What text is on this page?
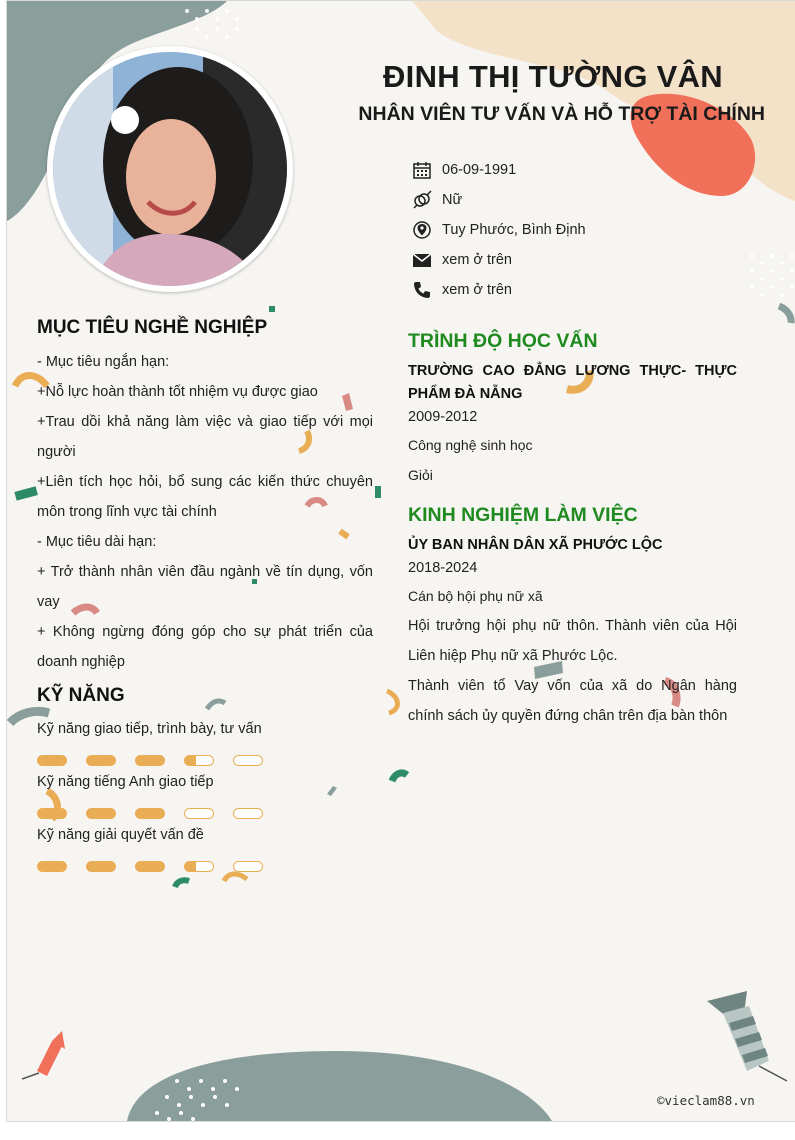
ĐINH THỊ TƯỜNG VÂN
NHÂN VIÊN TƯ VẤN VÀ HỖ TRỢ TÀI CHÍNH
06-09-1991
Nữ
Tuy Phước, Bình Định
xem ở trên
xem ở trên
MỤC TIÊU NGHỀ NGHIỆP
- Mục tiêu ngắn hạn:
+Nỗ lực hoàn thành tốt nhiệm vụ được giao
+Trau dồi khả năng làm việc và giao tiếp với mọi
người
+Liên tích học hỏi, bổ sung các kiến thức chuyên
môn trong lĩnh vực tài chính
- Mục tiêu dài hạn:
+ Trở thành nhân viên đầu ngành về tín dụng, vốn
vay
+ Không ngừng đóng góp cho sự phát triển của
doanh nghiệp
KỸ NĂNG
Kỹ năng giao tiếp, trình bày, tư vấn
Kỹ năng tiếng Anh giao tiếp
Kỹ năng giải quyết vấn đề
TRÌNH ĐỘ HỌC VẤN
TRƯỜNG CAO ĐẲNG LƯƠNG THỰC- THỰC
PHẨM ĐÀ NẴNG
2009-2012
Công nghệ sinh học
Giỏi
KINH NGHIỆM LÀM VIỆC
ỦY BAN NHÂN DÂN XÃ PHƯỚC LỘC
2018-2024
Cán bộ hội phụ nữ xã
Hội trưởng hội phụ nữ thôn. Thành viên của Hội
Liên hiệp Phụ nữ xã Phước Lộc.
Thành viên tổ Vay vốn của xã do Ngân hàng
chính sách ủy quyền đứng chân trên địa bàn thôn
©vieclam88.vn
